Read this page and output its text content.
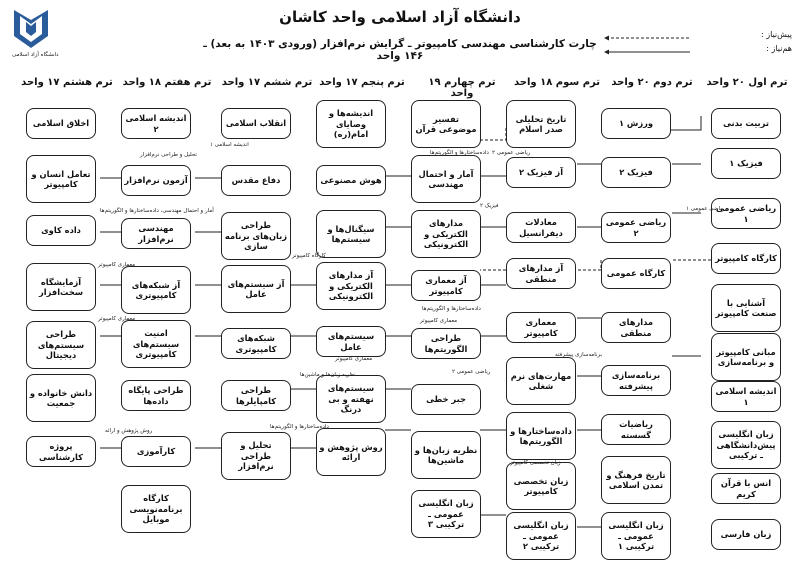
دانشگاه آزاد اسلامی
دانشگاه آزاد اسلامی واحد کاشان
چارت کارشناسی مهندسی کامپیوتر ـ گرایش نرم‌افزار (ورودی ۱۴۰۳ به بعد) ـ ۱۴۶ واحد
پیش‌نیاز :
هم‌نیاز :
ترم اول ۲۰ واحد
ترم دوم ۲۰ واحد
ترم سوم ۱۸ واحد
ترم چهارم ۱۹ واحد
ترم پنجم ۱۷ واحد
ترم ششم ۱۷ واحد
ترم هفتم ۱۸ واحد
ترم هشتم ۱۷ واحد
تربیت بدنی
فیزیک ۱
ریاضی عمومی ۱
کارگاه کامپیوتر
آشنایی با صنعت کامپیوتر
مبانی کامپیوتر و برنامه‌سازی
اندیشه اسلامی ۱
زبان انگلیسی پیش‌دانشگاهی ـ ترکیبی
انس با قرآن کریم
زبان فارسی
ورزش ۱
فیزیک ۲
ریاضی عمومی ۲
کارگاه عمومی
مدارهای منطقی
برنامه‌سازی پیشرفته
ریاضیات گسسته
تاریخ فرهنگ و تمدن اسلامی
زبان انگلیسی عمومی ـ ترکیبی ۱
تاریخ تحلیلی صدر اسلام
آز فیزیک ۲
معادلات دیفرانسیل
آز مدارهای منطقی
معماری کامپیوتر
مهارت‌های نرم شغلی
داده‌ساختارها و الگوریتم‌ها
زبان تخصصی کامپیوتر
زبان انگلیسی عمومی ـ ترکیبی ۲
تفسیر موضوعی قرآن
آمار و احتمال مهندسی
مدارهای الکتریکی و الکترونیکی
آز معماری کامپیوتر
طراحی الگوریتم‌ها
جبر خطی
نظریه زبان‌ها و ماشین‌ها
زبان انگلیسی عمومی ـ ترکیبی ۳
اندیشه‌ها و وصایای امام(ره)
هوش مصنوعی
سیگنال‌ها و سیستم‌ها
آز مدارهای الکتریکی و الکترونیکی
سیستم‌های عامل
سیستم‌های نهفته و بی درنگ
روش پژوهش و ارائه
انقلاب اسلامی
دفاع مقدس
طراحی زبان‌های برنامه سازی
آز سیستم‌های عامل
شبکه‌های کامپیوتری
طراحی کامپایلرها
تحلیل و طراحی نرم‌افزار
اندیشه اسلامی ۲
آزمون نرم‌افزار
مهندسی نرم‌افزار
آز شبکه‌های کامپیوتری
امنیت سیستم‌های کامپیوتری
طراحی پایگاه داده‌ها
کارآموزی
کارگاه برنامه‌نویسی موبایل
اخلاق اسلامی
تعامل انسان و کامپیوتر
داده کاوی
آزمایشگاه سخت‌افزار
طراحی سیستم‌های دیجیتال
دانش خانواده و جمعیت
پروژه کارشناسی
ریاضی عمومی ۱
داده‌ساختارها و الگوریتم‌ها
فیزیک ۲
ریاضی عمومی ۲
معماری کامپیوتر
داده‌ساختارها و الگوریتم‌ها
ریاضی عمومی ۲
معماری کامپیوتر
زبان تخصصی کامپیوتر
کارگاه کامپیوتر
تحلیل و طراحی نرم‌افزار
اندیشه اسلامی ۱
آمار و احتمال مهندسی، داده‌ساختارها و الگوریتم‌ها
برنامه‌سازی پیشرفته
نظریه زبان‌ها و ماشین‌ها
معماری کامپیوتر
داده‌ساختارها و الگوریتم‌ها
روش پژوهش و ارائه
معماری کامپیوتر
